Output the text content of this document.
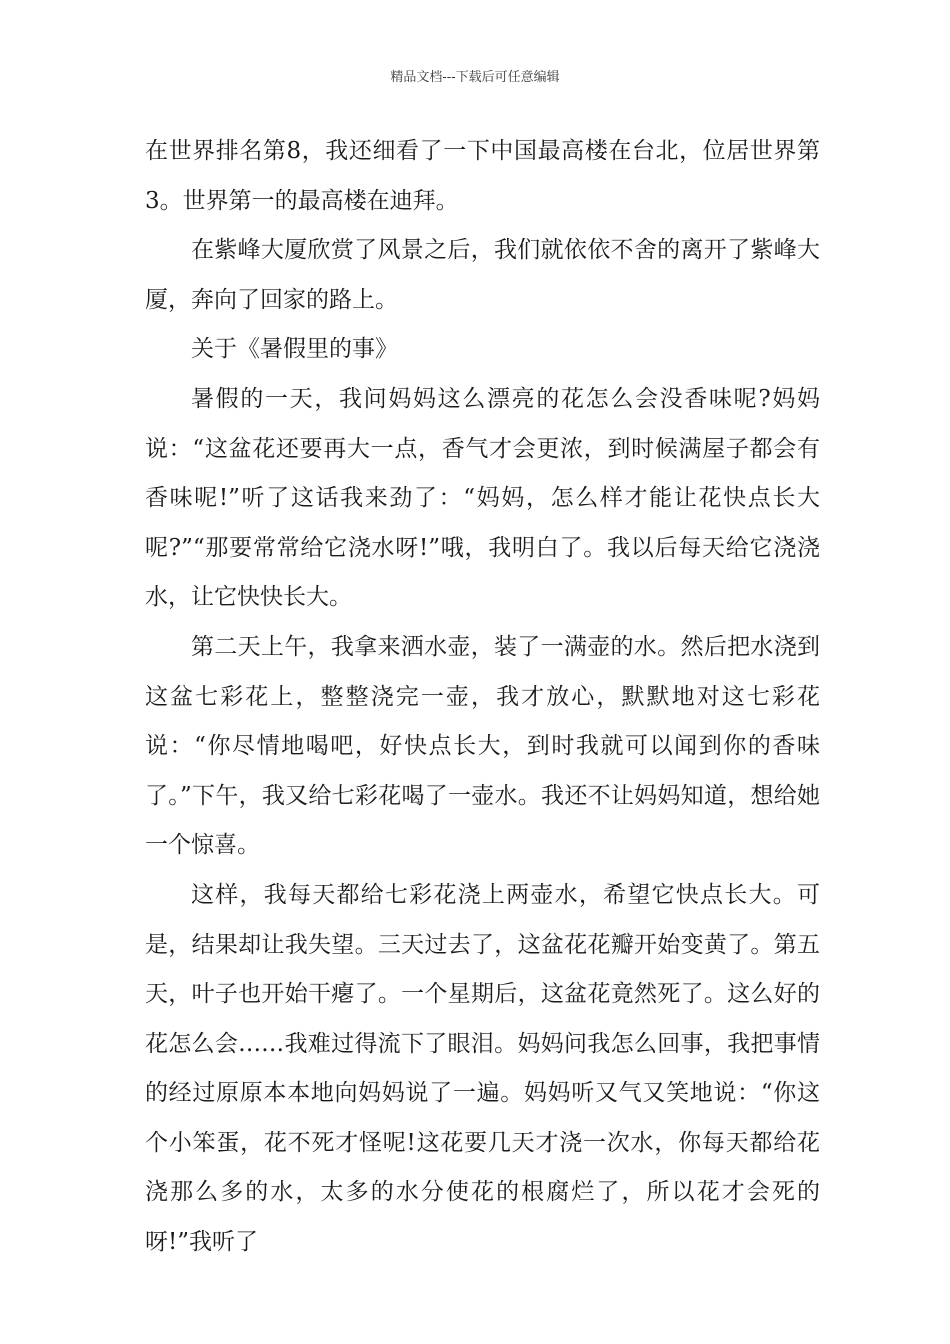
精品文档---下载后可任意编辑

在世界排名第8，我还细看了一下中国最高楼在台北，位居世界第3。世界第一的最高楼在迪拜。

在紫峰大厦欣赏了风景之后，我们就依依不舍的离开了紫峰大厦，奔向了回家的路上。

关于《暑假里的事》

暑假的一天，我问妈妈这么漂亮的花怎么会没香味呢?妈妈说：“这盆花还要再大一点，香气才会更浓，到时候满屋子都会有香味呢!”听了这话我来劲了：“妈妈，怎么样才能让花快点长大呢?”“那要常常给它浇水呀!”哦，我明白了。我以后每天给它浇浇水，让它快快长大。

第二天上午，我拿来洒水壶，装了一满壶的水。然后把水浇到这盆七彩花上，整整浇完一壶，我才放心，默默地对这七彩花说：“你尽情地喝吧，好快点长大，到时我就可以闻到你的香味了。”下午，我又给七彩花喝了一壶水。我还不让妈妈知道，想给她一个惊喜。

这样，我每天都给七彩花浇上两壶水，希望它快点长大。可是，结果却让我失望。三天过去了，这盆花花瓣开始变黄了。第五天，叶子也开始干瘪了。一个星期后，这盆花竟然死了。这么好的花怎么会……我难过得流下了眼泪。妈妈问我怎么回事，我把事情的经过原原本本地向妈妈说了一遍。妈妈听又气又笑地说：“你这个小笨蛋，花不死才怪呢!这花要几天才浇一次水，你每天都给花浇那么多的水，太多的水分使花的根腐烂了，所以花才会死的呀!”我听了
